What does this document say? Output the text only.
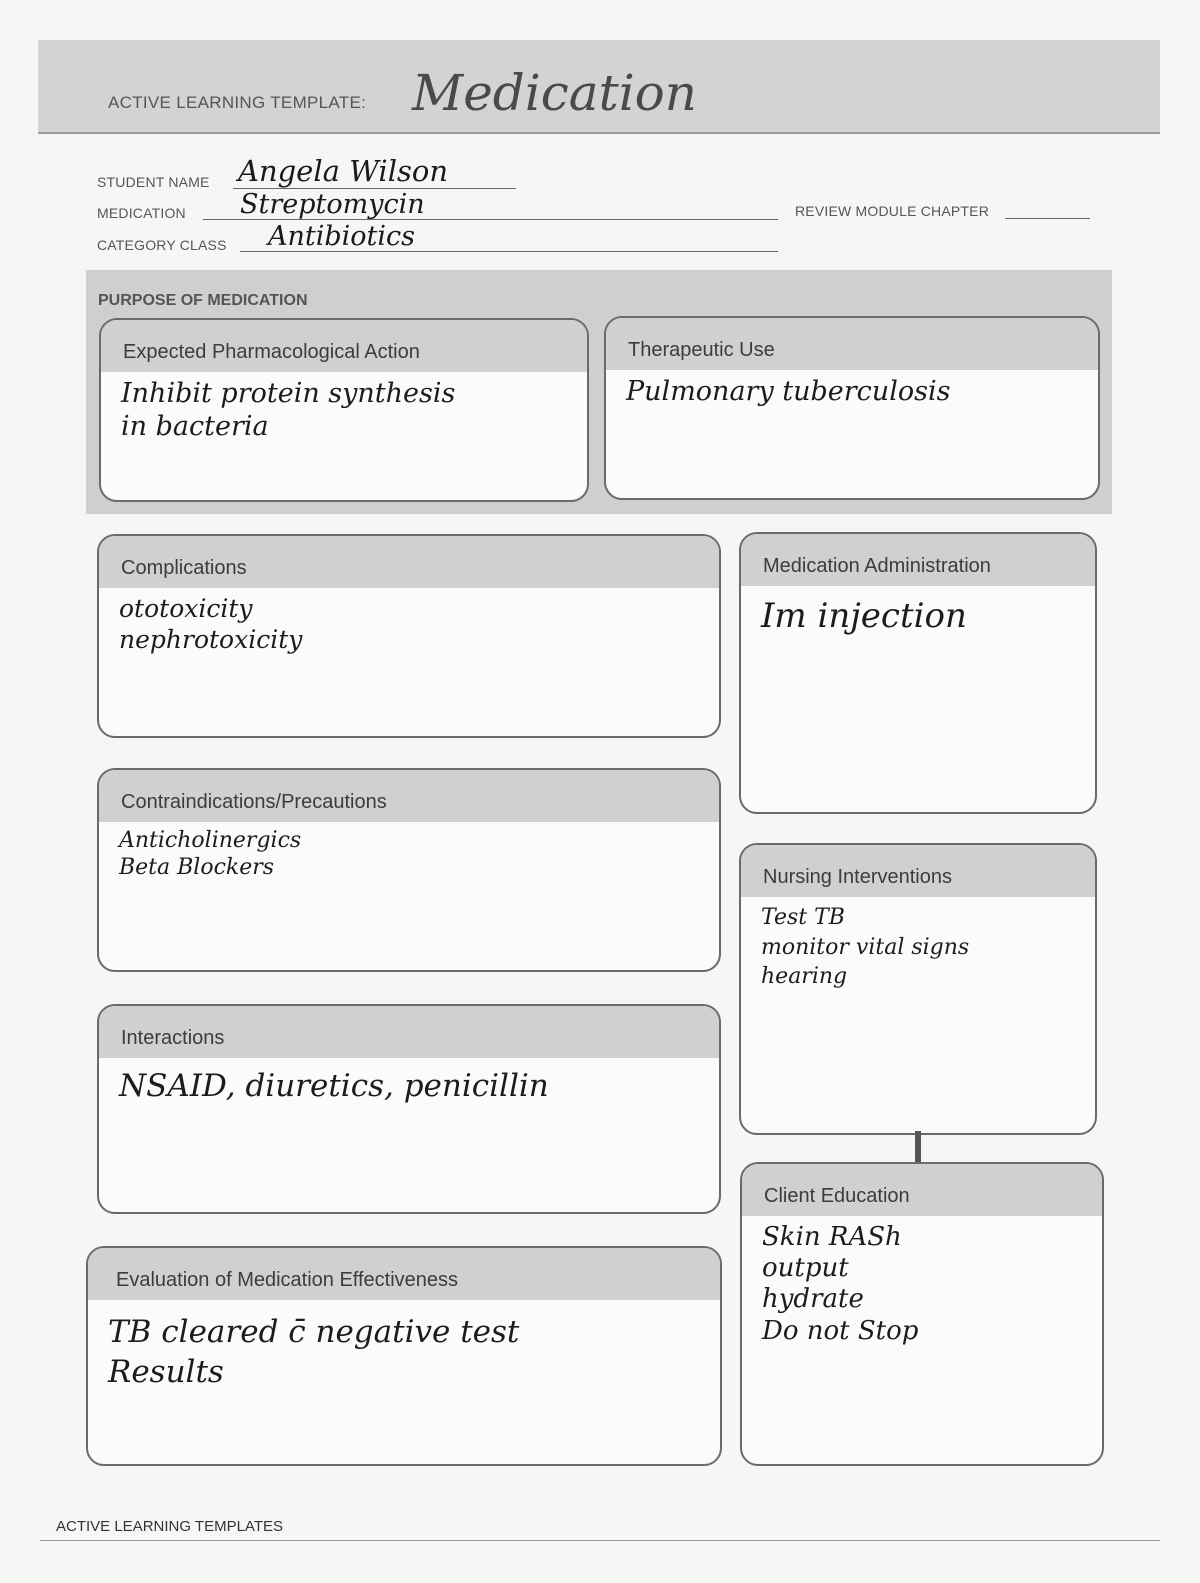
ACTIVE LEARNING TEMPLATE: Medication
STUDENT NAME Angela Wilson
MEDICATION Streptomycin	REVIEW MODULE CHAPTER
CATEGORY CLASS Antibiotics
PURPOSE OF MEDICATION
Expected Pharmacological Action
Inhibit protein synthesis
in bacteria
Therapeutic Use
Pulmonary tuberculosis
Complications
ototoxicity
nephrotoxicity
Medication Administration
Im injection
Contraindications/Precautions
Anticholinergics
Beta Blockers	Nursing Interventions
Test TB
monitor vital signs
hearing
Interactions
NSAID, diuretics, penicillin
Client Education
Skin RASh
output
hydrate
Do not Stop
Evaluation of Medication Effectiveness
TB cleared c̄ negative test
Results
ACTIVE LEARNING TEMPLATES
